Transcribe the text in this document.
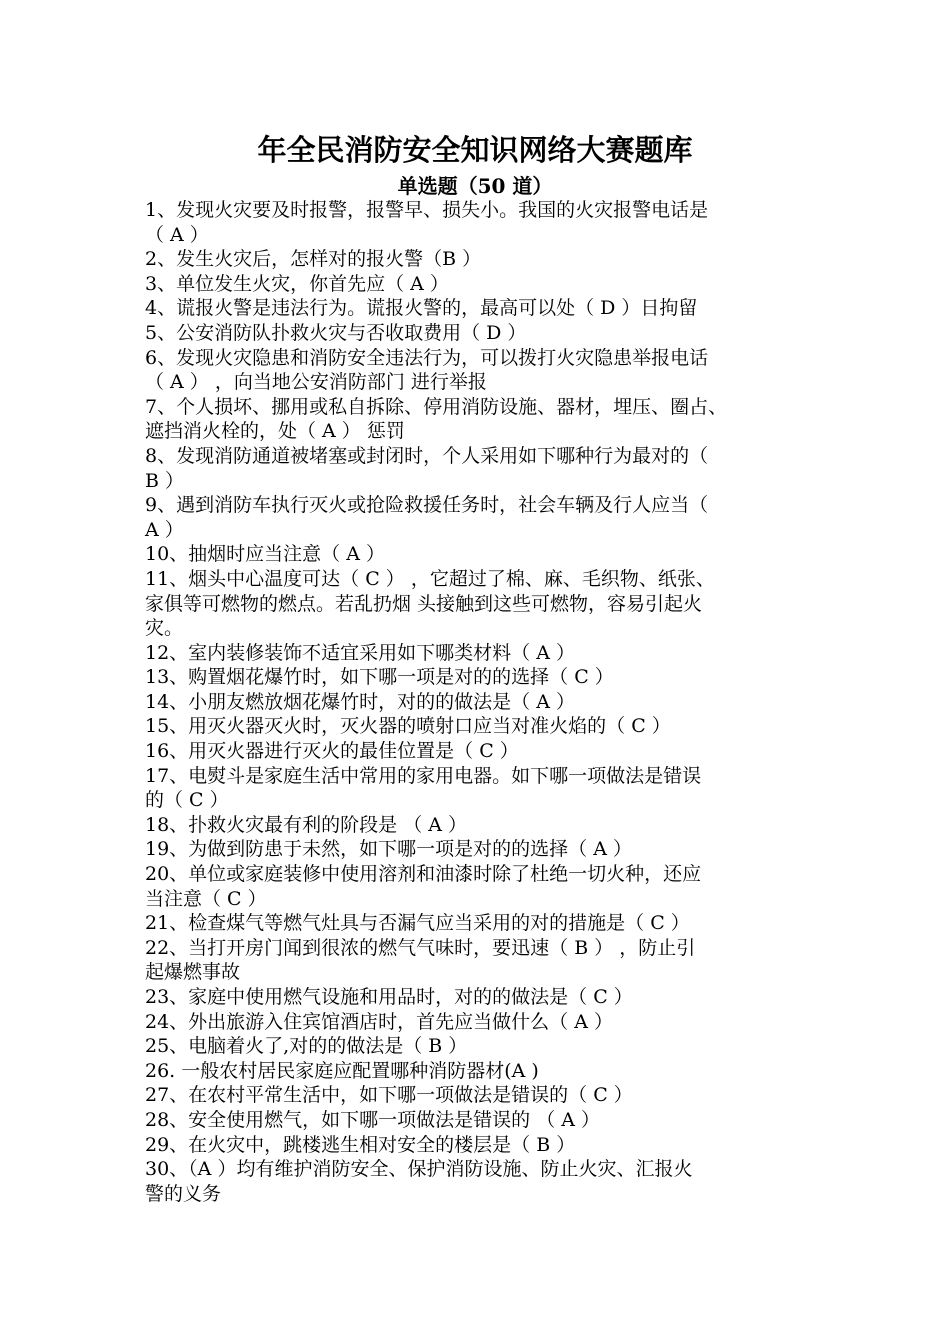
年全民消防安全知识网络大赛题库
单选题（50 道）
1、发现火灾要及时报警，报警早、损失小。我国的火灾报警电话是
（ A ）
2、发生火灾后，怎样对的报火警（B ）
3、单位发生火灾，你首先应（ A ）
4、谎报火警是违法行为。谎报火警的，最高可以处（ D ）日拘留
5、公安消防队扑救火灾与否收取费用（ D ）
6、发现火灾隐患和消防安全违法行为，可以拨打火灾隐患举报电话
（ A ） ，向当地公安消防部门 进行举报
7、个人损坏、挪用或私自拆除、停用消防设施、器材，埋压、圈占、
遮挡消火栓的，处（ A ） 惩罚
8、发现消防通道被堵塞或封闭时，个人采用如下哪种行为最对的（
B ）
9、遇到消防车执行灭火或抢险救援任务时，社会车辆及行人应当（
A ）
10、抽烟时应当注意（ A ）
11、烟头中心温度可达（ C ） ，它超过了棉、麻、毛织物、纸张、
家俱等可燃物的燃点。若乱扔烟 头接触到这些可燃物，容易引起火
灾。
12、室内装修装饰不适宜采用如下哪类材料（ A ）
13、购置烟花爆竹时，如下哪一项是对的的选择（ C ）
14、小朋友燃放烟花爆竹时，对的的做法是（ A ）
15、用灭火器灭火时，灭火器的喷射口应当对准火焰的（ C ）
16、用灭火器进行灭火的最佳位置是（ C ）
17、电熨斗是家庭生活中常用的家用电器。如下哪一项做法是错误
的（ C ）
18、扑救火灾最有利的阶段是 （ A ）
19、为做到防患于未然，如下哪一项是对的的选择（ A ）
20、单位或家庭装修中使用溶剂和油漆时除了杜绝一切火种，还应
当注意（ C ）
21、检查煤气等燃气灶具与否漏气应当采用的对的措施是（ C ）
22、当打开房门闻到很浓的燃气气味时，要迅速（ B ） ，防止引
起爆燃事故
23、家庭中使用燃气设施和用品时，对的的做法是（ C ）
24、外出旅游入住宾馆酒店时，首先应当做什么（ A ）
25、电脑着火了,对的的做法是（ B ）
26. 一般农村居民家庭应配置哪种消防器材(A )
27、在农村平常生活中，如下哪一项做法是错误的（ C ）
28、安全使用燃气，如下哪一项做法是错误的 （ A ）
29、在火灾中，跳楼逃生相对安全的楼层是（ B ）
30、（A ）均有维护消防安全、保护消防设施、防止火灾、汇报火
警的义务
